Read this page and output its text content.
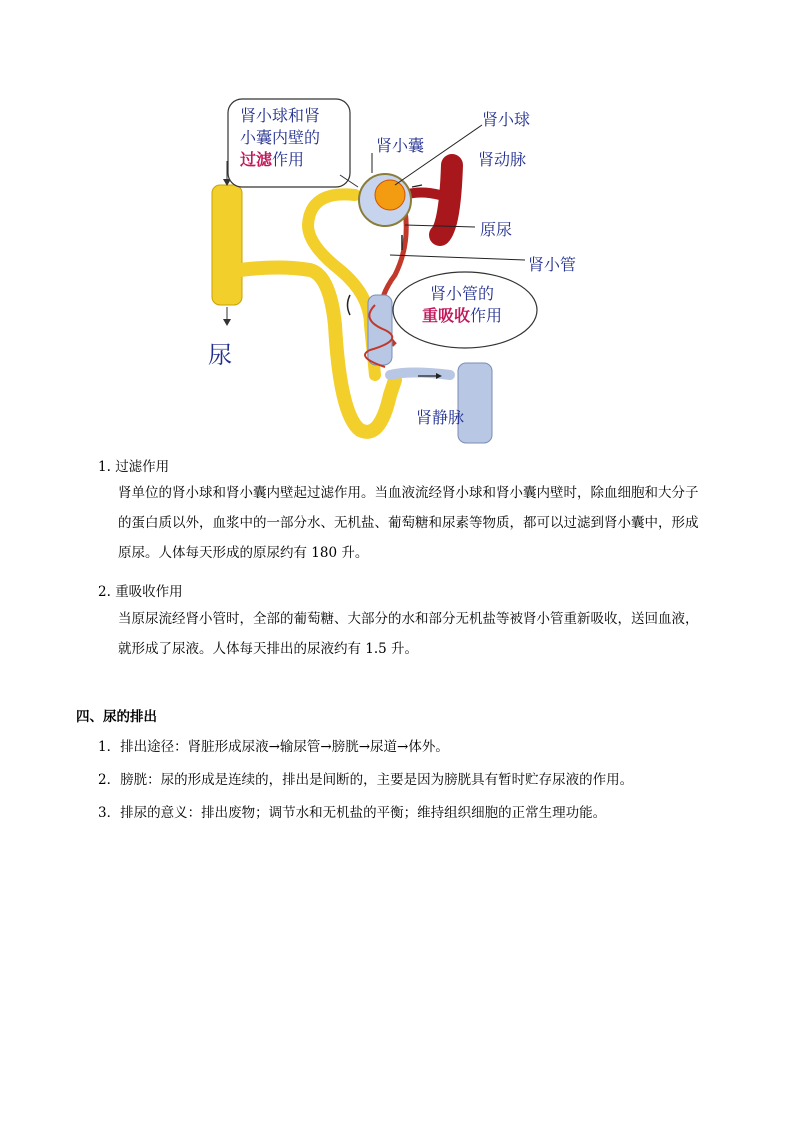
肾小球和肾
小囊内壁的
过滤作用
肾小管的
重吸收作用
肾小球
肾小囊
肾动脉
原尿
肾小管
尿
肾静脉
1. 过滤作用
肾单位的肾小球和肾小囊内壁起过滤作用。当血液流经肾小球和肾小囊内壁时，除血细胞和大分子
的蛋白质以外，血浆中的一部分水、无机盐、葡萄糖和尿素等物质，都可以过滤到肾小囊中，形成
原尿。人体每天形成的原尿约有 180 升。
2. 重吸收作用
当原尿流经肾小管时，全部的葡萄糖、大部分的水和部分无机盐等被肾小管重新吸收，送回血液，
就形成了尿液。人体每天排出的尿液约有 1.5 升。
四、尿的排出
1．排出途径：肾脏形成尿液→输尿管→膀胱→尿道→体外。
2．膀胱：尿的形成是连续的，排出是间断的，主要是因为膀胱具有暂时贮存尿液的作用。
3．排尿的意义：排出废物；调节水和无机盐的平衡；维持组织细胞的正常生理功能。
